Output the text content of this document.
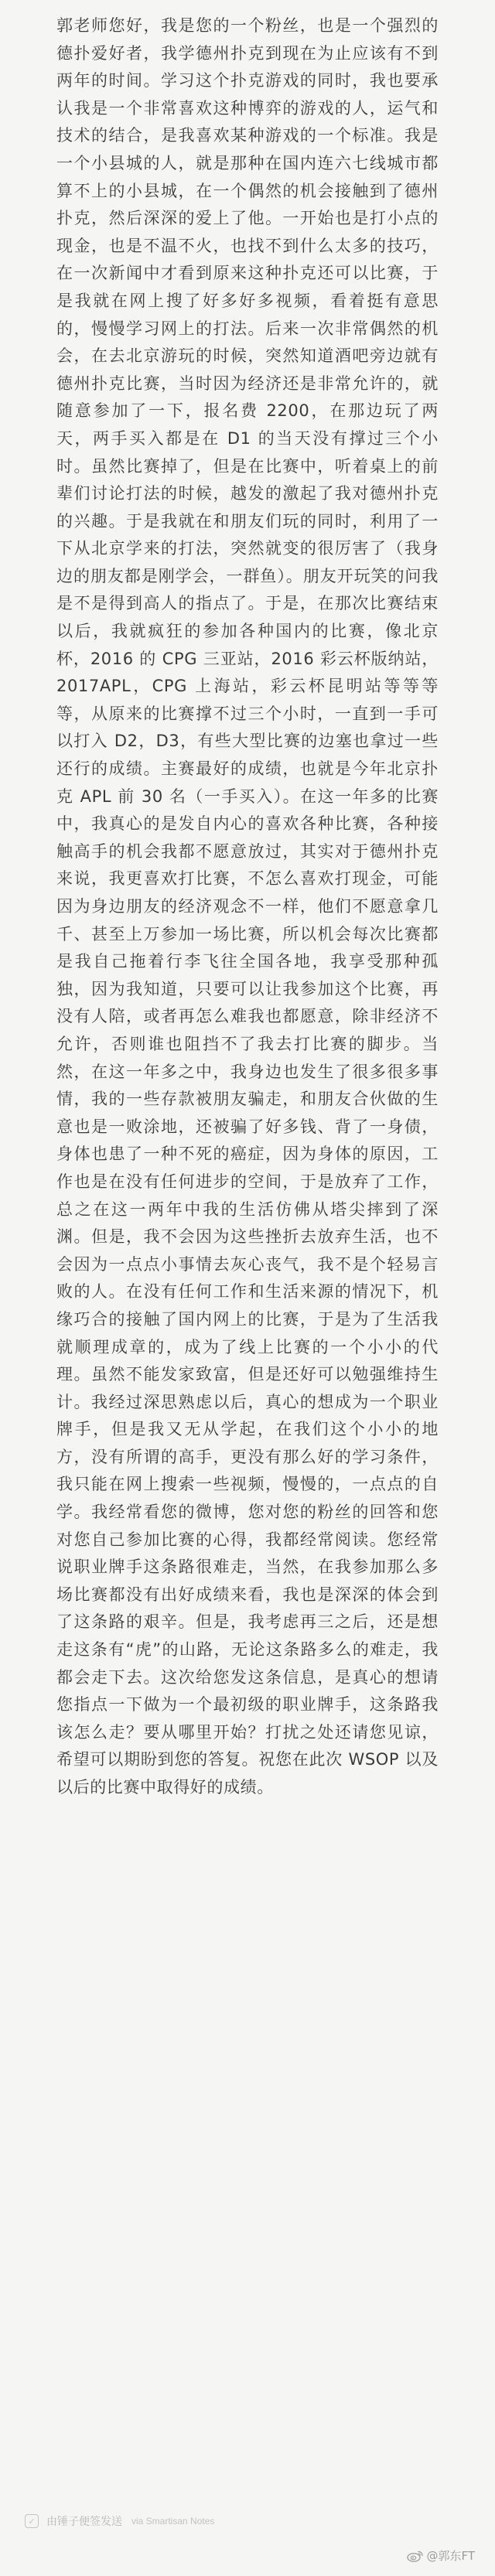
郭老师您好，我是您的一个粉丝，也是一个强烈的德扑爱好者，我学德州扑克到现在为止应该有不到两年的时间。学习这个扑克游戏的同时，我也要承认我是一个非常喜欢这种博弈的游戏的人，运气和技术的结合，是我喜欢某种游戏的一个标准。我是一个小县城的人，就是那种在国内连六七线城市都算不上的小县城，在一个偶然的机会接触到了德州扑克，然后深深的爱上了他。一开始也是打小点的现金，也是不温不火，也找不到什么太多的技巧，在一次新闻中才看到原来这种扑克还可以比赛，于是我就在网上搜了好多好多视频，看着挺有意思的，慢慢学习网上的打法。后来一次非常偶然的机会，在去北京游玩的时候，突然知道酒吧旁边就有德州扑克比赛，当时因为经济还是非常允许的，就随意参加了一下，报名费 2200，在那边玩了两天，两手买入都是在 D1 的当天没有撑过三个小时。虽然比赛掉了，但是在比赛中，听着桌上的前辈们讨论打法的时候，越发的激起了我对德州扑克的兴趣。于是我就在和朋友们玩的同时，利用了一下从北京学来的打法，突然就变的很厉害了（我身边的朋友都是刚学会，一群鱼）。朋友开玩笑的问我是不是得到高人的指点了。于是，在那次比赛结束以后，我就疯狂的参加各种国内的比赛，像北京杯，2016 的 CPG 三亚站，2016 彩云杯版纳站，2017APL，CPG 上海站，彩云杯昆明站等等等等，从原来的比赛撑不过三个小时，一直到一手可以打入 D2，D3，有些大型比赛的边塞也拿过一些还行的成绩。主赛最好的成绩，也就是今年北京扑克 APL 前 30 名（一手买入）。在这一年多的比赛中，我真心的是发自内心的喜欢各种比赛，各种接触高手的机会我都不愿意放过，其实对于德州扑克来说，我更喜欢打比赛，不怎么喜欢打现金，可能因为身边朋友的经济观念不一样，他们不愿意拿几千、甚至上万参加一场比赛，所以机会每次比赛都是我自己拖着行李飞往全国各地，我享受那种孤独，因为我知道，只要可以让我参加这个比赛，再没有人陪，或者再怎么难我也都愿意，除非经济不允许，否则谁也阻挡不了我去打比赛的脚步。当然，在这一年多之中，我身边也发生了很多很多事情，我的一些存款被朋友骗走，和朋友合伙做的生意也是一败涂地，还被骗了好多钱、背了一身债，身体也患了一种不死的癌症，因为身体的原因，工作也是在没有任何进步的空间，于是放弃了工作，总之在这一两年中我的生活仿佛从塔尖摔到了深渊。但是，我不会因为这些挫折去放弃生活，也不会因为一点点小事情去灰心丧气，我不是个轻易言败的人。在没有任何工作和生活来源的情况下，机缘巧合的接触了国内网上的比赛，于是为了生活我就顺理成章的，成为了线上比赛的一个小小的代理。虽然不能发家致富，但是还好可以勉强维持生计。我经过深思熟虑以后，真心的想成为一个职业牌手，但是我又无从学起，在我们这个小小的地方，没有所谓的高手，更没有那么好的学习条件，我只能在网上搜索一些视频，慢慢的，一点点的自学。我经常看您的微博，您对您的粉丝的回答和您对您自己参加比赛的心得，我都经常阅读。您经常说职业牌手这条路很难走，当然，在我参加那么多场比赛都没有出好成绩来看，我也是深深的体会到了这条路的艰辛。但是，我考虑再三之后，还是想走这条有“虎”的山路，无论这条路多么的难走，我都会走下去。这次给您发这条信息，是真心的想请您指点一下做为一个最初级的职业牌手，这条路我该怎么走？要从哪里开始？打扰之处还请您见谅，希望可以期盼到您的答复。祝您在此次 WSOP 以及以后的比赛中取得好的成绩。
✓	由锤子便签发送 via Smartisan Notes
@郭东FT
